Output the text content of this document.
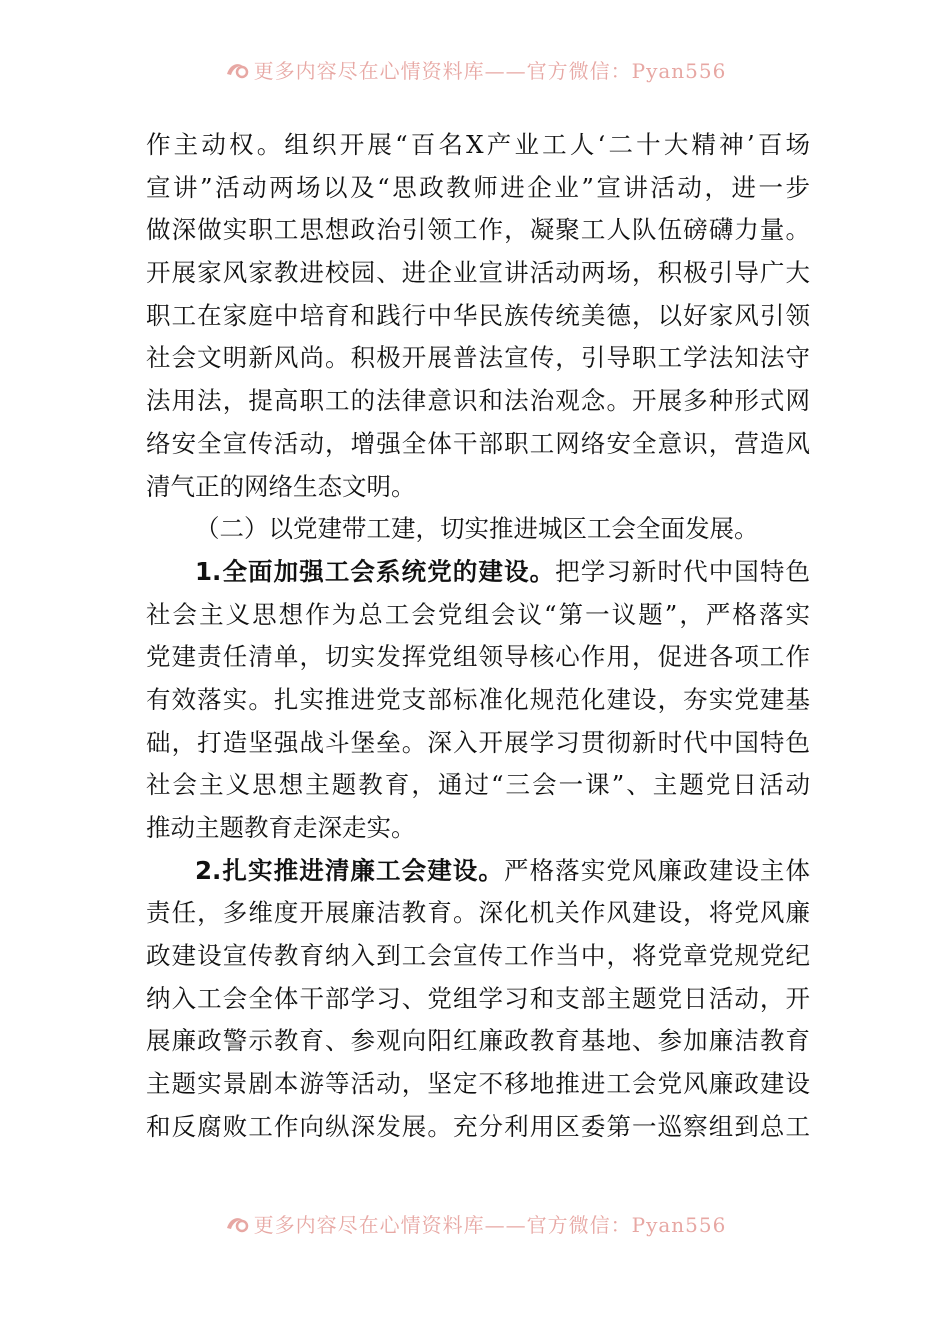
更多内容尽在心情资料库——官方微信：Pyan556
作主动权。组织开展“百名X产业工人‘二十大精神’百场
宣讲”活动两场以及“思政教师进企业”宣讲活动，进一步
做深做实职工思想政治引领工作，凝聚工人队伍磅礴力量。
开展家风家教进校园、进企业宣讲活动两场，积极引导广大
职工在家庭中培育和践行中华民族传统美德，以好家风引领
社会文明新风尚。积极开展普法宣传，引导职工学法知法守
法用法，提高职工的法律意识和法治观念。开展多种形式网
络安全宣传活动，增强全体干部职工网络安全意识，营造风
清气正的网络生态文明。
（二）以党建带工建，切实推进城区工会全面发展。
1.全面加强工会系统党的建设。把学习新时代中国特色
社会主义思想作为总工会党组会议“第一议题”，严格落实
党建责任清单，切实发挥党组领导核心作用，促进各项工作
有效落实。扎实推进党支部标准化规范化建设，夯实党建基
础，打造坚强战斗堡垒。深入开展学习贯彻新时代中国特色
社会主义思想主题教育，通过“三会一课”、主题党日活动
推动主题教育走深走实。
2.扎实推进清廉工会建设。严格落实党风廉政建设主体
责任，多维度开展廉洁教育。深化机关作风建设，将党风廉
政建设宣传教育纳入到工会宣传工作当中，将党章党规党纪
纳入工会全体干部学习、党组学习和支部主题党日活动，开
展廉政警示教育、参观向阳红廉政教育基地、参加廉洁教育
主题实景剧本游等活动，坚定不移地推进工会党风廉政建设
和反腐败工作向纵深发展。充分利用区委第一巡察组到总工
更多内容尽在心情资料库——官方微信：Pyan556
